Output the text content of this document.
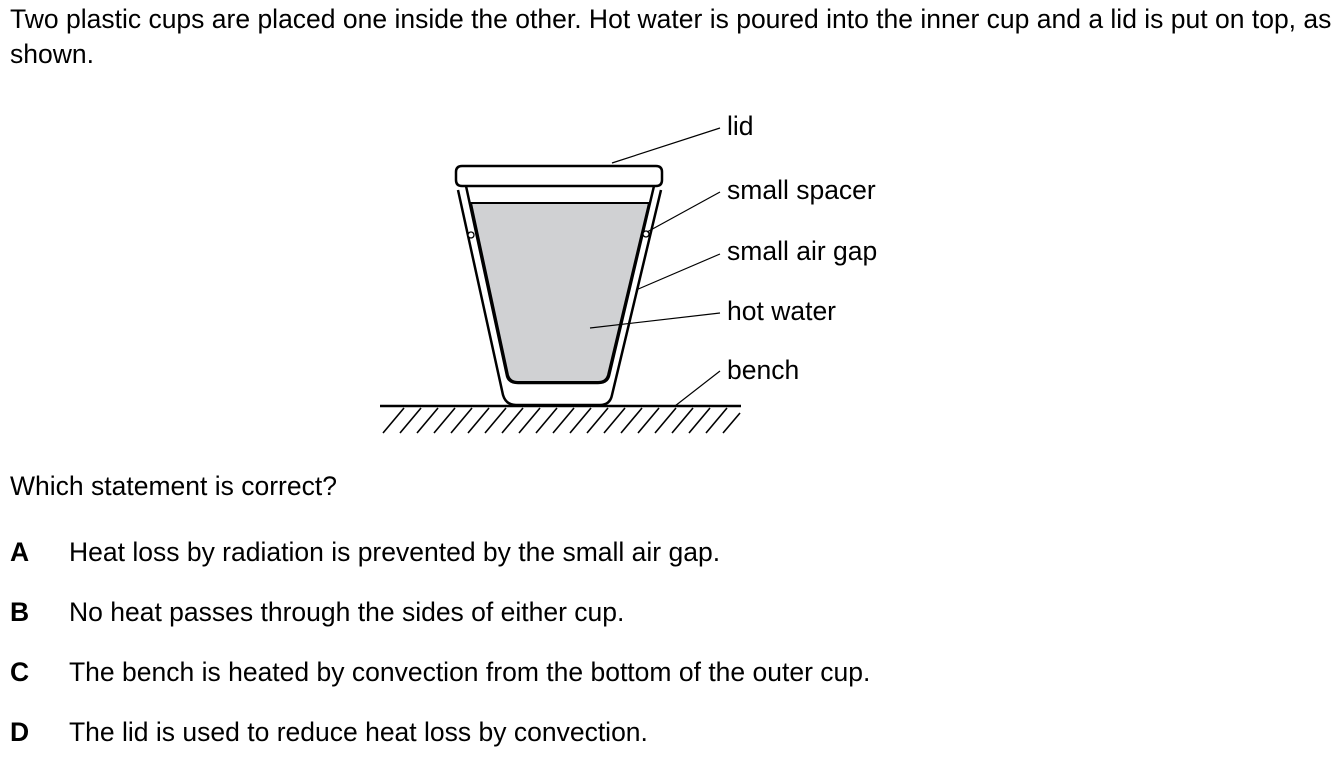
Two plastic cups are placed one inside the other. Hot water is poured into the inner cup and a lid is put on top, as shown.

lid
small spacer
small air gap
hot water
bench

Which statement is correct?

A Heat loss by radiation is prevented by the small air gap.
B No heat passes through the sides of either cup.
C The bench is heated by convection from the bottom of the outer cup.
D The lid is used to reduce heat loss by convection.
